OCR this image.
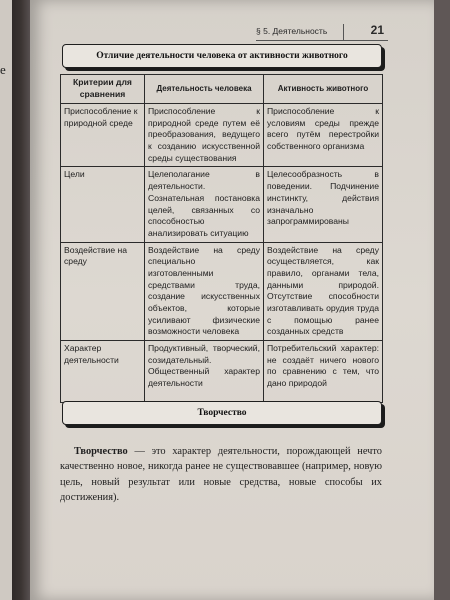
e
§ 5. Деятельность	21
Отличие деятельности человека от активности животного
Критерии для сравнения	Деятельность человека	Активность животного
Приспособление к природной среде	Приспособление к природной среде путем её преобразования, ведущего к созданию искусственной среды существования	Приспособление к условиям среды прежде всего путём перестройки собственного организма
Цели	Целеполагание в деятельности. Сознательная постановка целей, связанных со способностью анализировать ситуацию	Целесообразность в поведении. Подчинение инстинкту, действия изначально запрограммированы
Воздействие на среду	Воздействие на среду специально изготовленными средствами труда, создание искусственных объектов, которые усиливают физические возможности человека	Воздействие на среду осуществляется, как правило, органами тела, данными природой. Отсутствие способности изготавливать орудия труда с помощью ранее созданных средств
Характер деятельности	Продуктивный, творческий, созидательный. Общественный характер деятельности	Потребительский характер: не создаёт ничего нового по сравнению с тем, что дано природой
Творчество

Творчество — это характер деятельности, порождающей нечто качественно новое, никогда ранее не существовавшее (например, новую цель, новый результат или новые средства, новые способы их достижения).
